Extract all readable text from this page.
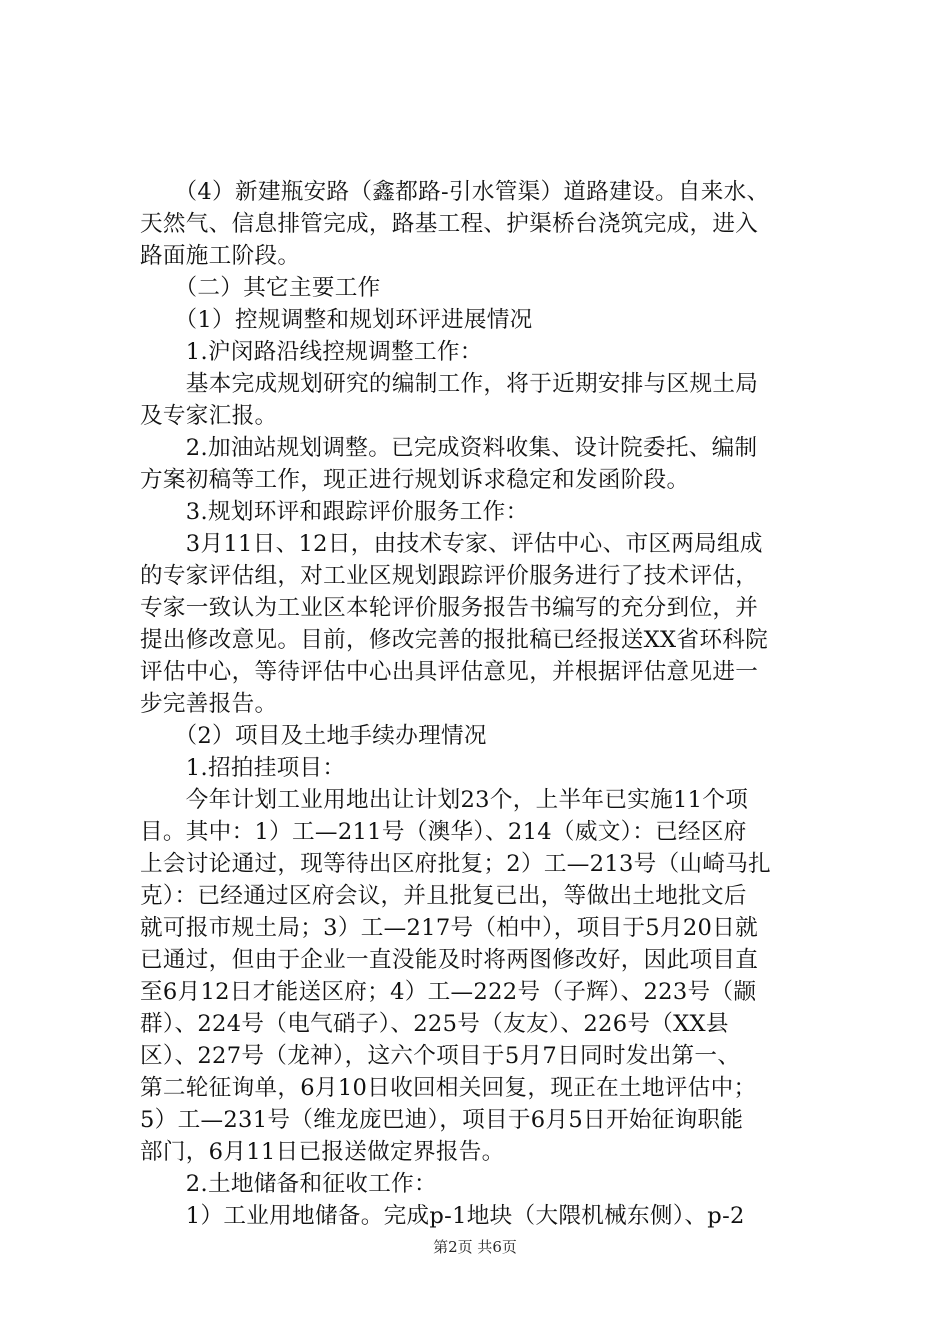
　　（4）新建瓶安路（鑫都路-引水管渠）道路建设。自来水、
天然气、信息排管完成，路基工程、护渠桥台浇筑完成，进入
路面施工阶段。
　　（二）其它主要工作
　　（1）控规调整和规划环评进展情况
　　1.沪闵路沿线控规调整工作：
　　基本完成规划研究的编制工作，将于近期安排与区规土局
及专家汇报。
　　2.加油站规划调整。已完成资料收集、设计院委托、编制
方案初稿等工作，现正进行规划诉求稳定和发函阶段。
　　3.规划环评和跟踪评价服务工作：
　　3月11日、12日，由技术专家、评估中心、市区两局组成
的专家评估组，对工业区规划跟踪评价服务进行了技术评估，
专家一致认为工业区本轮评价服务报告书编写的充分到位，并
提出修改意见。目前，修改完善的报批稿已经报送XX省环科院
评估中心，等待评估中心出具评估意见，并根据评估意见进一
步完善报告。
　　（2）项目及土地手续办理情况
　　1.招拍挂项目：
　　今年计划工业用地出让计划23个，上半年已实施11个项
目。其中：1）工—211号（澳华）、214（威文）：已经区府
上会讨论通过，现等待出区府批复；2）工—213号（山崎马扎
克）：已经通过区府会议，并且批复已出，等做出土地批文后
就可报市规土局；3）工—217号（柏中），项目于5月20日就
已通过，但由于企业一直没能及时将两图修改好，因此项目直
至6月12日才能送区府；4）工—222号（子辉）、223号（颛
群）、224号（电气硝子）、225号（友友）、226号（XX县
区）、227号（龙神），这六个项目于5月7日同时发出第一、
第二轮征询单，6月10日收回相关回复，现正在土地评估中；
5）工—231号（维龙庞巴迪），项目于6月5日开始征询职能
部门，6月11日已报送做定界报告。
　　2.土地储备和征收工作：
　　1）工业用地储备。完成p-1地块（大隈机械东侧）、p-2
第2页 共6页
